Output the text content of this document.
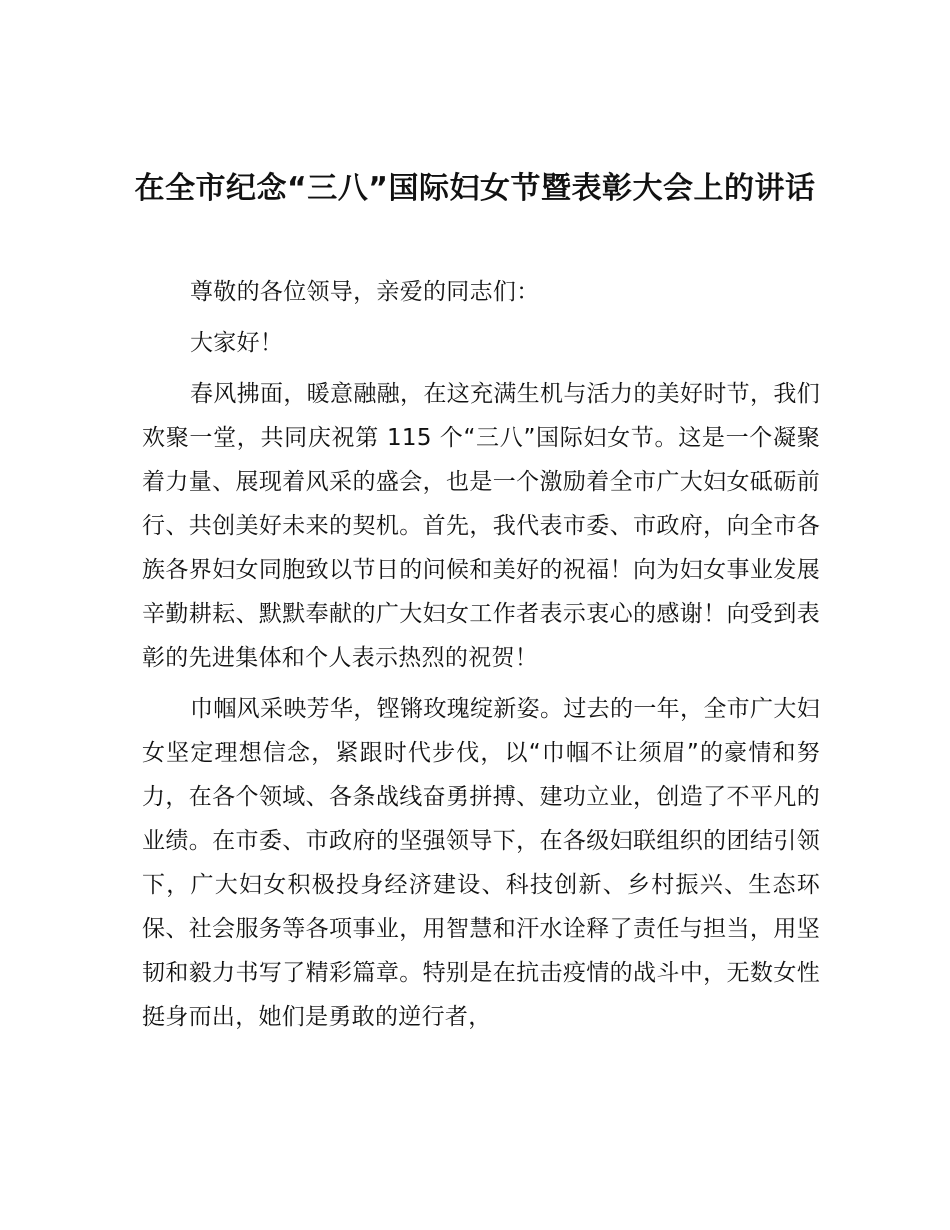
在全市纪念“三八”国际妇女节暨表彰大会上的讲话

尊敬的各位领导，亲爱的同志们：

大家好！

春风拂面，暖意融融，在这充满生机与活力的美好时节，我们欢聚一堂，共同庆祝第 115 个“三八”国际妇女节。这是一个凝聚着力量、展现着风采的盛会，也是一个激励着全市广大妇女砥砺前行、共创美好未来的契机。首先，我代表市委、市政府，向全市各族各界妇女同胞致以节日的问候和美好的祝福！向为妇女事业发展辛勤耕耘、默默奉献的广大妇女工作者表示衷心的感谢！向受到表彰的先进集体和个人表示热烈的祝贺！

巾帼风采映芳华，铿锵玫瑰绽新姿。过去的一年，全市广大妇女坚定理想信念，紧跟时代步伐，以“巾帼不让须眉”的豪情和努力，在各个领域、各条战线奋勇拼搏、建功立业，创造了不平凡的业绩。在市委、市政府的坚强领导下，在各级妇联组织的团结引领下，广大妇女积极投身经济建设、科技创新、乡村振兴、生态环保、社会服务等各项事业，用智慧和汗水诠释了责任与担当，用坚韧和毅力书写了精彩篇章。特别是在抗击疫情的战斗中，无数女性挺身而出，她们是勇敢的逆行者，
